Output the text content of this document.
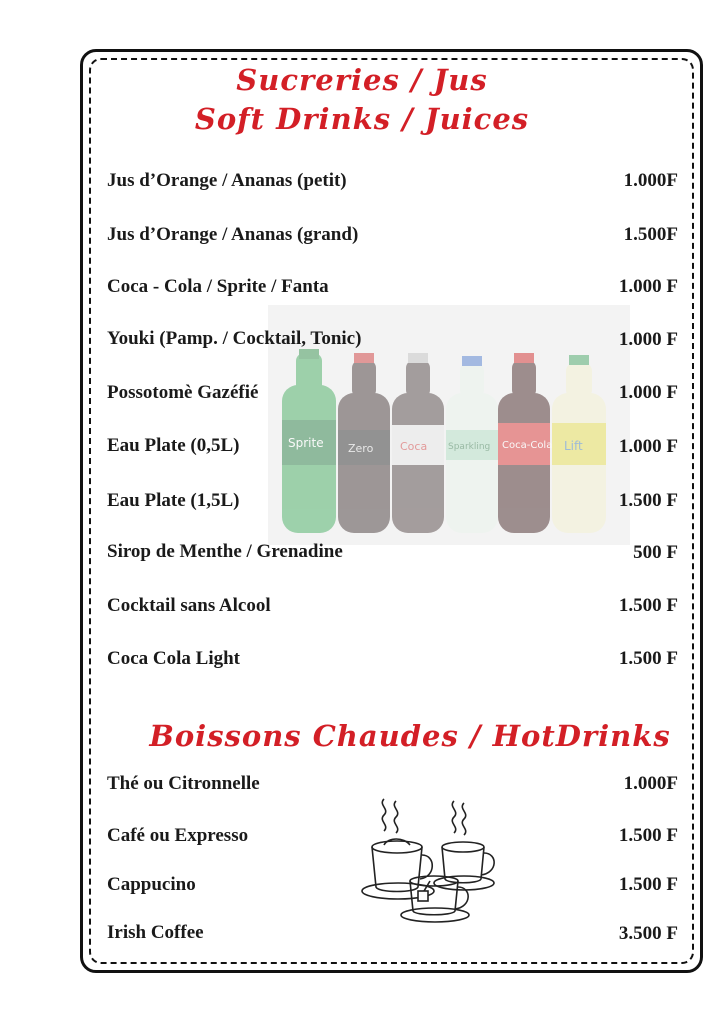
Sprite Zero Coca Sparkling Coca-Cola Lift
Sucreries / Jus
Soft Drinks / Juices
Jus d’Orange / Ananas (petit)	1.000F
Jus d’Orange / Ananas (grand)	1.500F
Coca - Cola / Sprite / Fanta	1.000 F
Youki (Pamp. / Cocktail, Tonic)	1.000 F
Possotomè Gazéfié	1.000 F
Eau Plate (0,5L)	1.000 F
Eau Plate (1,5L)	1.500 F
Sirop de Menthe / Grenadine	500 F
Cocktail sans Alcool	1.500 F
Coca Cola Light	1.500 F
Boissons Chaudes / HotDrinks
Thé ou Citronnelle	1.000F
Café ou Expresso	1.500 F
Cappucino	1.500 F
Irish Coffee	3.500 F
